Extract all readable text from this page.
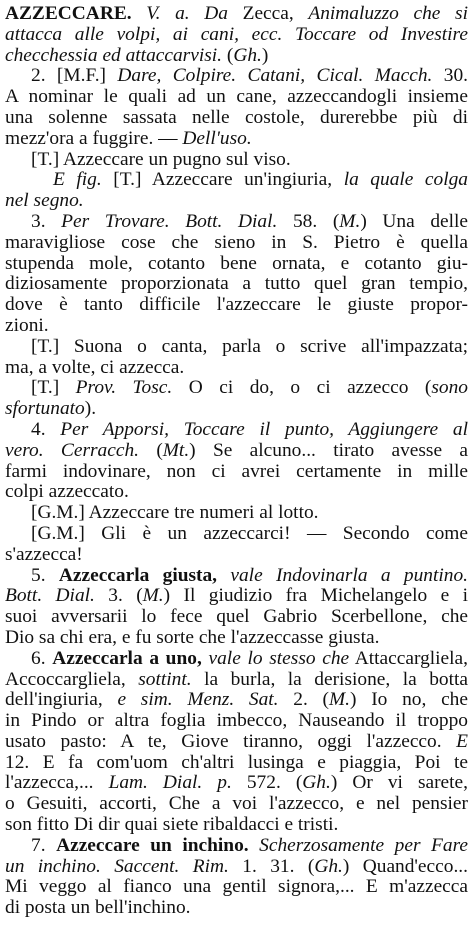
AZZECCARE. V. a. Da Zecca, Animaluzzo che si
attacca alle volpi, ai cani, ecc. Toccare od Investire
checchessia ed attaccarvisi. (Gh.)
2. [M.F.] Dare, Colpire. Catani, Cical. Macch. 30.
A nominar le quali ad un cane, azzeccandogli insieme
una solenne sassata nelle costole, durerebbe più di
mezz'ora a fuggire. — Dell'uso.
[T.] Azzeccare un pugno sul viso.
E fig. [T.] Azzeccare un'ingiuria, la quale colga
nel segno.
3. Per Trovare. Bott. Dial. 58. (M.) Una delle
maravigliose cose che sieno in S. Pietro è quella
stupenda mole, cotanto bene ornata, e cotanto giu-
diziosamente proporzionata a tutto quel gran tempio,
dove è tanto difficile l'azzeccare le giuste propor-
zioni.
[T.] Suona o canta, parla o scrive all'impazzata;
ma, a volte, ci azzecca.
[T.] Prov. Tosc. O ci do, o ci azzecco (sono
sfortunato).
4. Per Apporsi, Toccare il punto, Aggiungere al
vero. Cerracch. (Mt.) Se alcuno... tirato avesse a
farmi indovinare, non ci avrei certamente in mille
colpi azzeccato.
[G.M.] Azzeccare tre numeri al lotto.
[G.M.] Gli è un azzeccarci! — Secondo come
s'azzecca!
5. Azzeccarla giusta, vale Indovinarla a puntino.
Bott. Dial. 3. (M.) Il giudizio fra Michelangelo e i
suoi avversarii lo fece quel Gabrio Scerbellone, che
Dio sa chi era, e fu sorte che l'azzeccasse giusta.
6. Azzeccarla a uno, vale lo stesso che Attaccargliela,
Accoccargliela, sottint. la burla, la derisione, la botta
dell'ingiuria, e sim. Menz. Sat. 2. (M.) Io no, che
in Pindo or altra foglia imbecco, Nauseando il troppo
usato pasto: A te, Giove tiranno, oggi l'azzecco. E
12. E fa com'uom ch'altri lusinga e piaggia, Poi te
l'azzecca,... Lam. Dial. p. 572. (Gh.) Or vi sarete,
o Gesuiti, accorti, Che a voi l'azzecco, e nel pensier
son fitto Di dir quai siete ribaldacci e tristi.
7. Azzeccare un inchino. Scherzosamente per Fare
un inchino. Saccent. Rim. 1. 31. (Gh.) Quand'ecco...
Mi veggo al fianco una gentil signora,... E m'azzecca
di posta un bell'inchino.
